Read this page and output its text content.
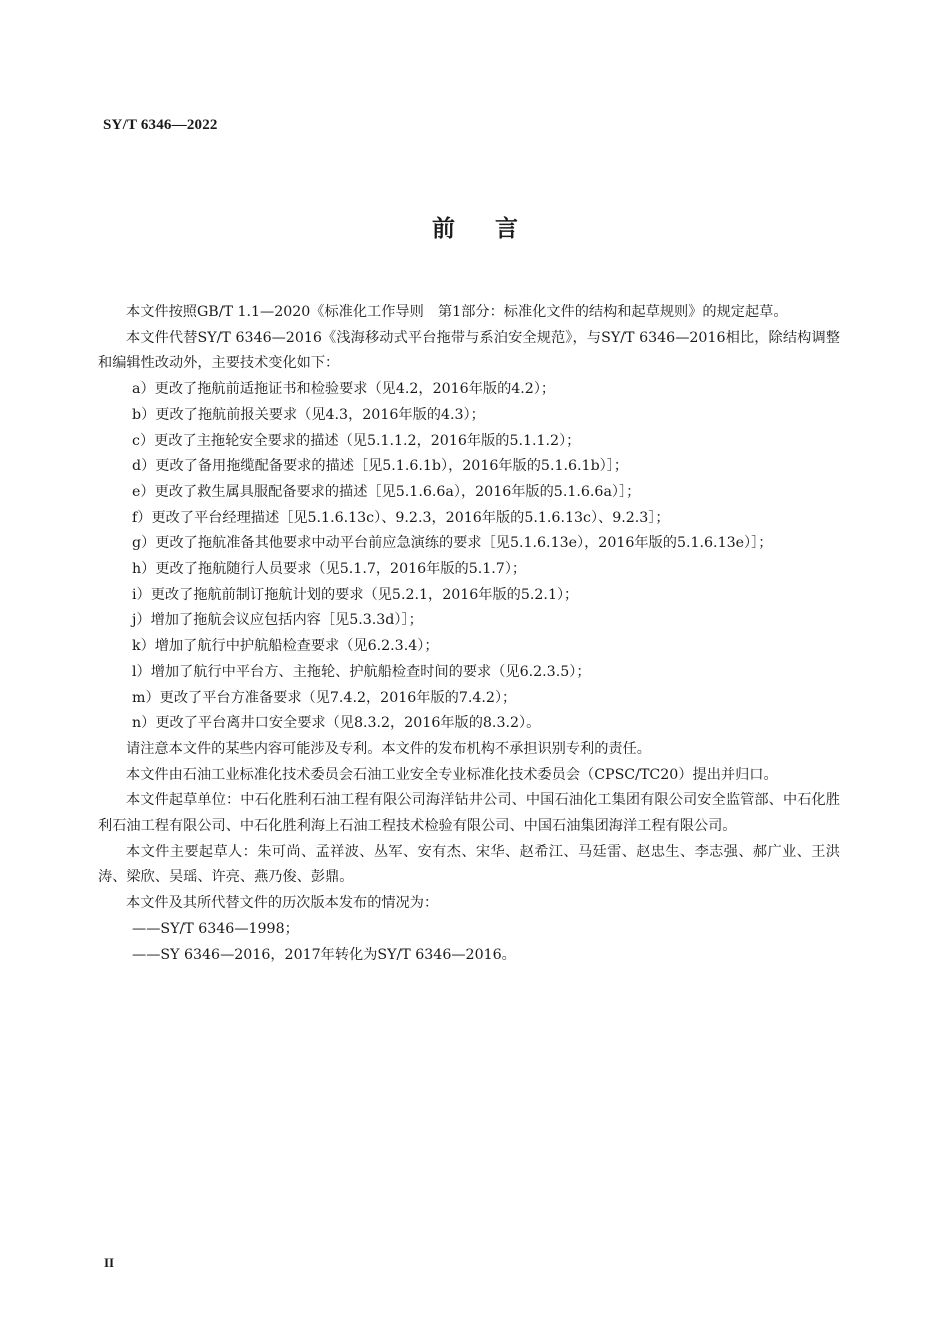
SY/T 6346—2022
前言

本文件按照GB/T 1.1—2020《标准化工作导则　第1部分：标准化文件的结构和起草规则》的规定起草。

本文件代替SY/T 6346—2016《浅海移动式平台拖带与系泊安全规范》，与SY/T 6346—2016相比，除结构调整和编辑性改动外，主要技术变化如下：

a）更改了拖航前适拖证书和检验要求（见4.2，2016年版的4.2）；

b）更改了拖航前报关要求（见4.3，2016年版的4.3）；

c）更改了主拖轮安全要求的描述（见5.1.1.2，2016年版的5.1.1.2）；

d）更改了备用拖缆配备要求的描述［见5.1.6.1b），2016年版的5.1.6.1b）］；

e）更改了救生属具服配备要求的描述［见5.1.6.6a），2016年版的5.1.6.6a）］；

f）更改了平台经理描述［见5.1.6.13c）、9.2.3，2016年版的5.1.6.13c）、9.2.3］；

g）更改了拖航准备其他要求中动平台前应急演练的要求［见5.1.6.13e），2016年版的5.1.6.13e）］；

h）更改了拖航随行人员要求（见5.1.7，2016年版的5.1.7）；

i）更改了拖航前制订拖航计划的要求（见5.2.1，2016年版的5.2.1）；

j）增加了拖航会议应包括内容［见5.3.3d）］；

k）增加了航行中护航船检查要求（见6.2.3.4）；

l）增加了航行中平台方、主拖轮、护航船检查时间的要求（见6.2.3.5）；

m）更改了平台方准备要求（见7.4.2，2016年版的7.4.2）；

n）更改了平台离井口安全要求（见8.3.2，2016年版的8.3.2）。

请注意本文件的某些内容可能涉及专利。本文件的发布机构不承担识别专利的责任。

本文件由石油工业标准化技术委员会石油工业安全专业标准化技术委员会（CPSC/TC20）提出并归口。

本文件起草单位：中石化胜利石油工程有限公司海洋钻井公司、中国石油化工集团有限公司安全监管部、中石化胜利石油工程有限公司、中石化胜利海上石油工程技术检验有限公司、中国石油集团海洋工程有限公司。

本文件主要起草人：朱可尚、孟祥波、丛军、安有杰、宋华、赵希江、马廷雷、赵忠生、李志强、郝广业、王洪涛、梁欣、吴瑶、许亮、燕乃俊、彭鼎。

本文件及其所代替文件的历次版本发布的情况为：

——SY/T 6346—1998；

——SY 6346—2016，2017年转化为SY/T 6346—2016。

II
